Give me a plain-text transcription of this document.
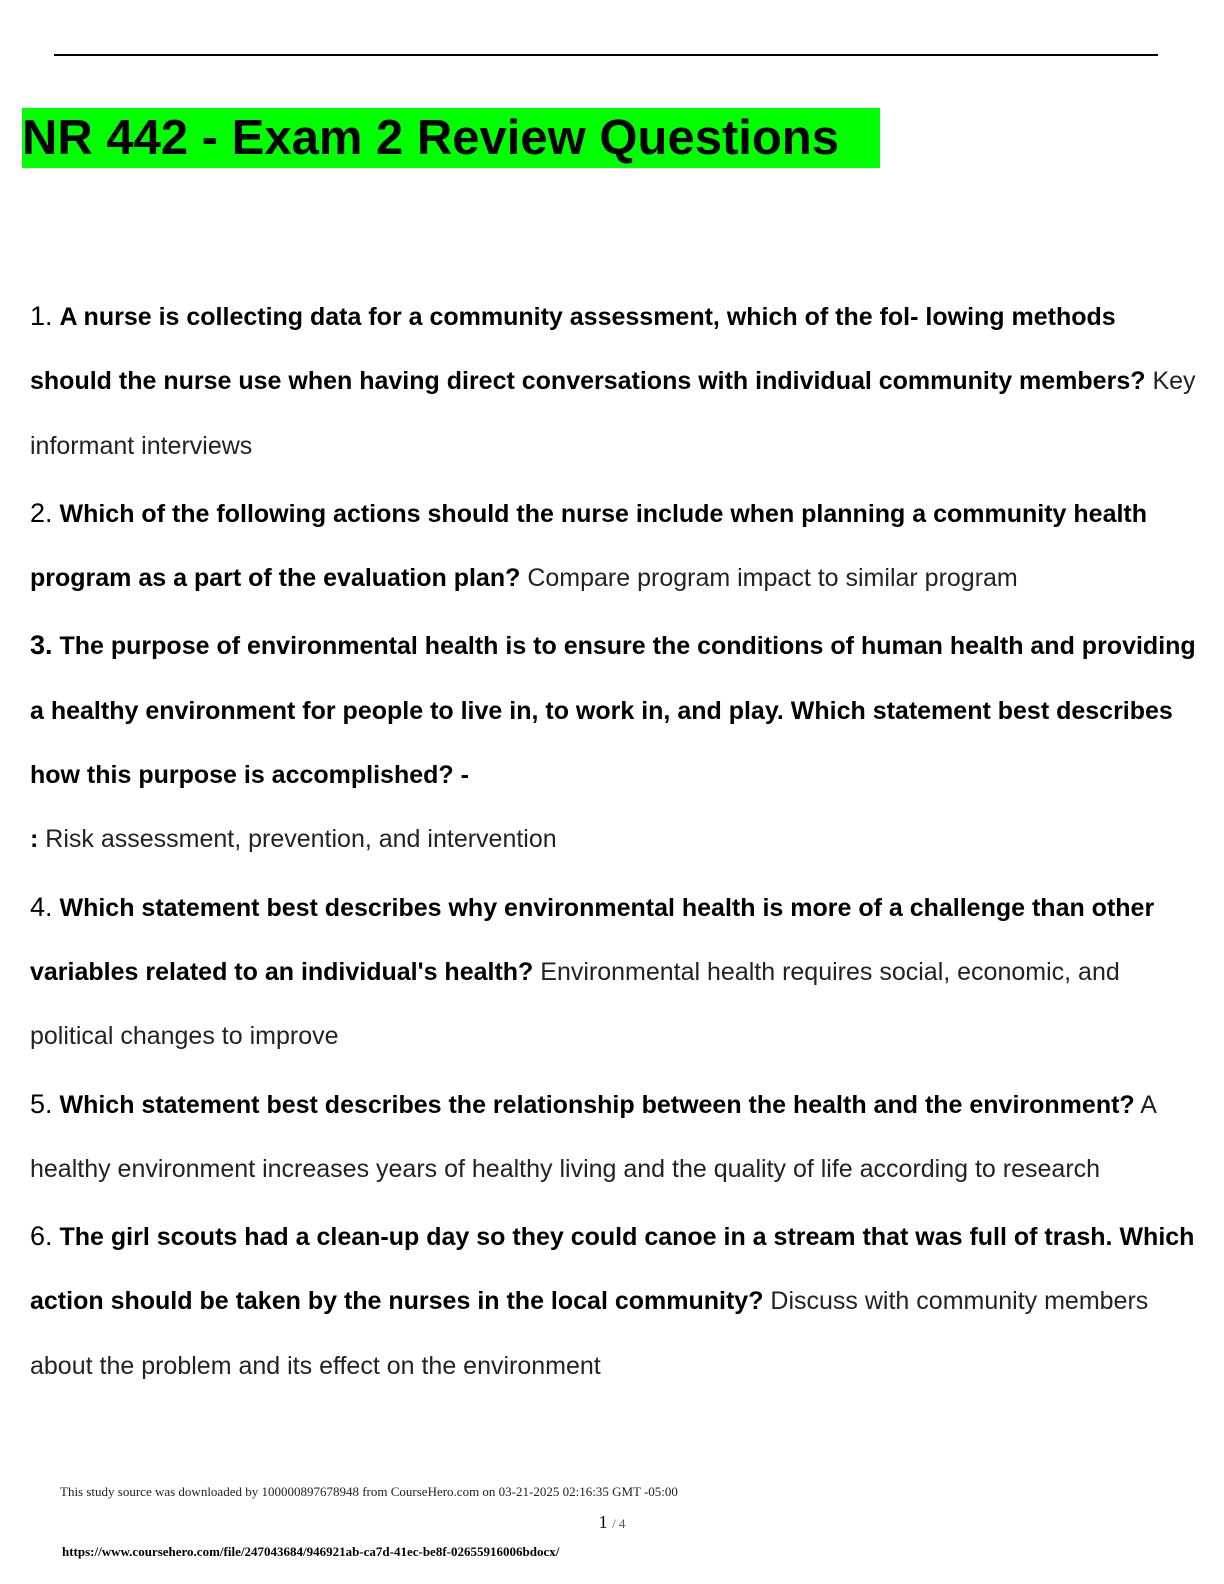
NR 442 - Exam 2 Review Questions

1. A nurse is collecting data for a community assessment, which of the fol- lowing methods should the nurse use when having direct conversations with individual community members? Key informant interviews

2. Which of the following actions should the nurse include when planning a community health program as a part of the evaluation plan? Compare program impact to similar program

3. The purpose of environmental health is to ensure the conditions of human health and providing a healthy environment for people to live in, to work in, and play. Which statement best describes how this purpose is accomplished? -
: Risk assessment, prevention, and intervention

4. Which statement best describes why environmental health is more of a challenge than other variables related to an individual's health? Environmental health requires social, economic, and political changes to improve

5. Which statement best describes the relationship between the health and the environment? A healthy environment increases years of healthy living and the quality of life according to research

6. The girl scouts had a clean-up day so they could canoe in a stream that was full of trash. Which action should be taken by the nurses in the local community? Discuss with community members about the problem and its effect on the environment

This study source was downloaded by 100000897678948 from CourseHero.com on 03-21-2025 02:16:35 GMT -05:00
1 / 4
https://www.coursehero.com/file/247043684/946921ab-ca7d-41ec-be8f-02655916006bdocx/
